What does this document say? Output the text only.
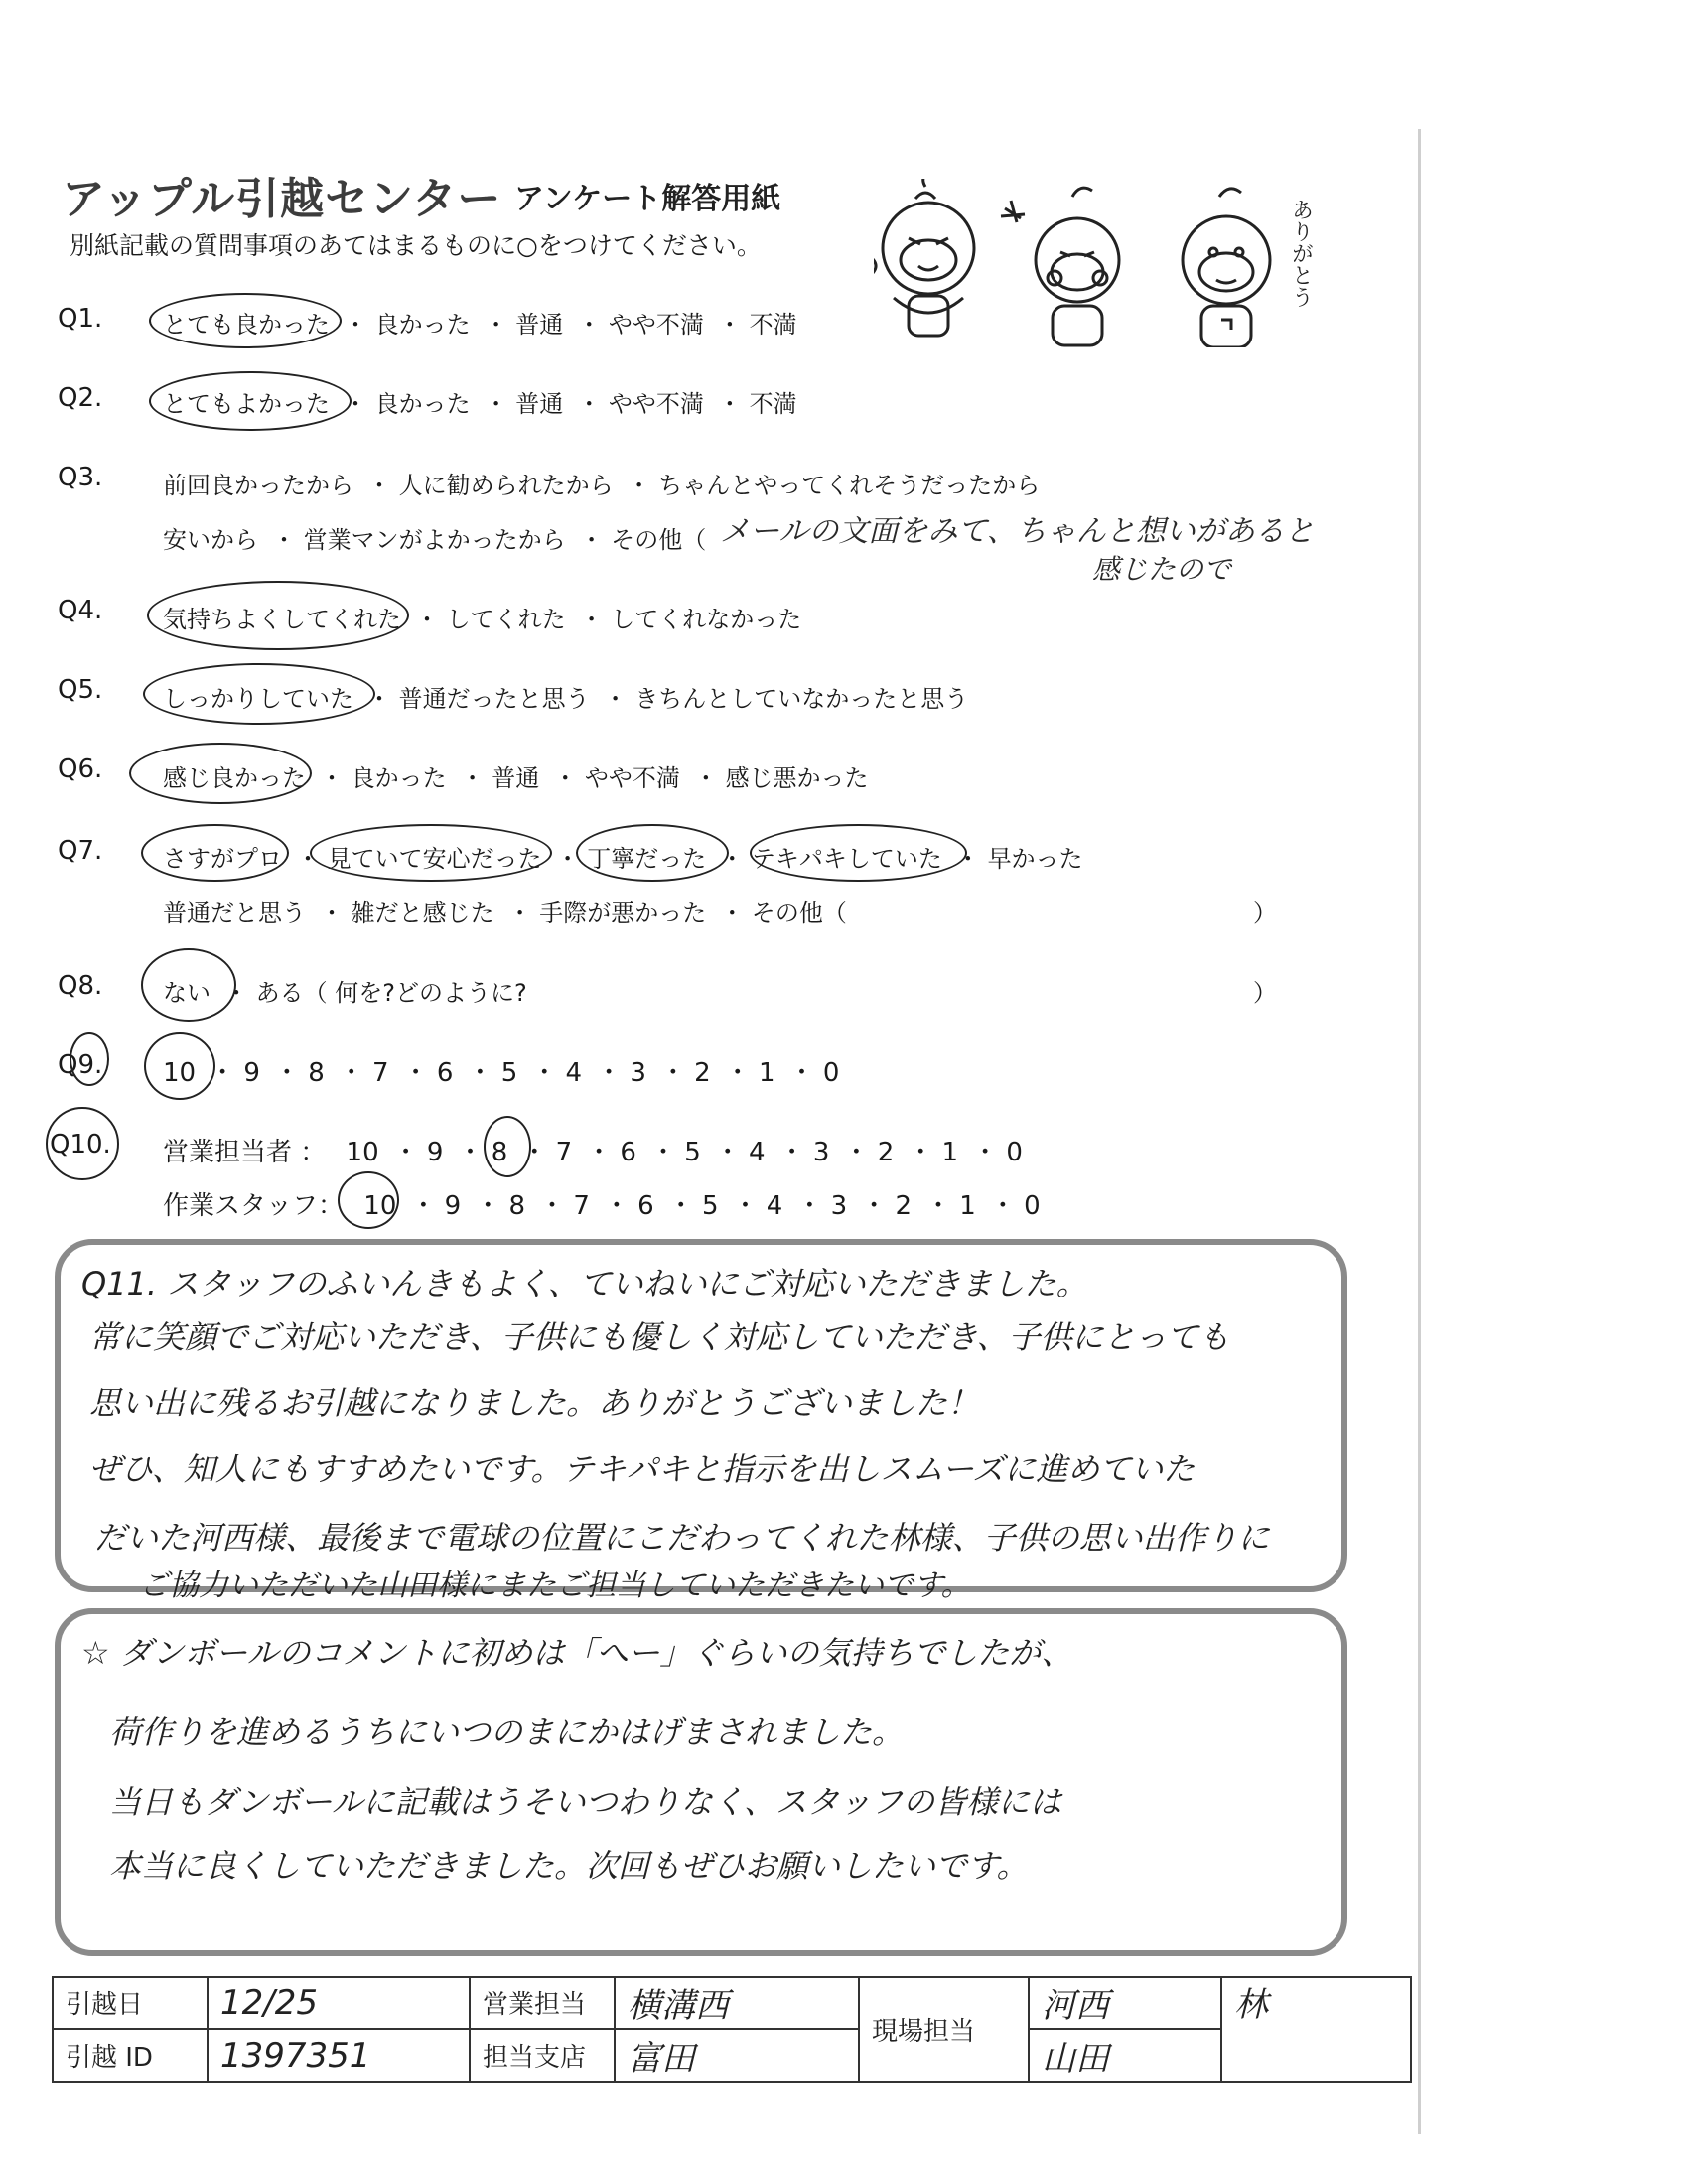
アップル引越センター アンケート解答用紙
別紙記載の質問事項のあてはまるものに○をつけてください。	ありがとう
Q1.	とても良かった ・ 良かった ・ 普通 ・ やや不満 ・ 不満
Q2.	とてもよかった ・ 良かった ・ 普通 ・ やや不満 ・ 不満
Q3.	前回良かったから ・ 人に勧められたから ・ ちゃんとやってくれそうだったから
安いから ・ 営業マンがよかったから ・ その他（ メールの文面をみて、ちゃんと想いがあると
感じたので
Q4.	気持ちよくしてくれた ・ してくれた ・ してくれなかった
Q5.	しっかりしていた ・ 普通だったと思う ・ きちんとしていなかったと思う
Q6.	感じ良かった ・ 良かった ・ 普通 ・ やや不満 ・ 感じ悪かった
Q7.	さすがプロ ・ 見ていて安心だった ・ 丁寧だった ・ テキパキしていた ・ 早かった
普通だと思う ・ 雑だと感じた ・ 手際が悪かった ・ その他（	）
Q8.	ない ・ ある（ 何を?どのように?	）
Q9. 10 ・ 9 ・ 8 ・ 7 ・ 6 ・ 5 ・ 4 ・ 3 ・ 2 ・ 1 ・ 0
Q10. 営業担当者 ： 10 ・ 9 ・ 8 ・ 7 ・ 6 ・ 5 ・ 4 ・ 3 ・ 2 ・ 1 ・ 0
作業スタッフ： 10 ・ 9 ・ 8 ・ 7 ・ 6 ・ 5 ・ 4 ・ 3 ・ 2 ・ 1 ・ 0
Q11. スタッフのふいんきもよく、ていねいにご対応いただきました。
常に笑顔でご対応いただき、子供にも優しく対応していただき、子供にとっても
思い出に残るお引越になりました。ありがとうございました！
ぜひ、知人にもすすめたいです。テキパキと指示を出しスムーズに進めていた
だいた河西様、最後まで電球の位置にこだわってくれた林様、子供の思い出作りに
ご協力いただいた山田様にまたご担当していただきたいです。
☆ ダンボールのコメントに初めは「へー」ぐらいの気持ちでしたが、
荷作りを進めるうちにいつのまにかはげまされました。
当日もダンボールに記載はうそいつわりなく、スタッフの皆様には
本当に良くしていただきました。次回もぜひお願いしたいです。
引越日	12/25	営業担当	横溝西	現場担当	河西	林
引越 ID	1397351	担当支店	富田		山田	
